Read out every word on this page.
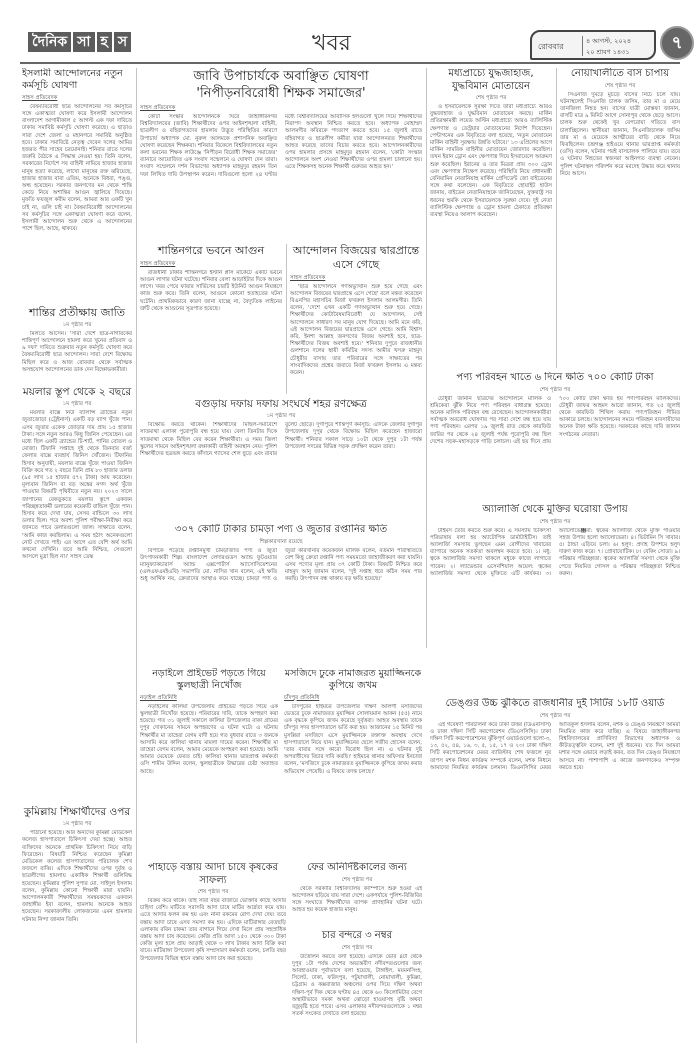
দৈনিক সা হ স	খবর	রোববার
৪ আগস্ট, ২০২৪
২০ শ্রাবণ ১৪৩১	৭
ইসলামী আন্দোলনের নতুন কর্মসূচি ঘোষণা
সাহস প্রতিবেদক

বৈষম্যবিরোধী ছাত্র আন্দোলনের সব কর্মসূচির সঙ্গে একাত্মতা ঘোষণা করে ইসলামী আন্দোলন বাংলাদেশ আগামীকাল ৫ আগস্ট এক দফা দাবিতে ঢাকায় সমাবিষ্ট কর্মসূচি ঘোষণা করেছে। এ ছাড়াও সারা দেশে জেলা ও মহানগরে সমাবিষ্ট অনুষ্ঠিত হবে। ঢাকার সমাবিষ্টে নেতৃত্ব দেবেন দলের আমির হজরত পীর সাহেব চরমোনাই। শনিবার রাতে দলের জরুরি বৈঠকে এ সিদ্ধান্ত নেওয়া হয়। তিনি বলেন, সরকারের নির্দেশে সব বাহিনী নামিয়ে হাজার হাজার মানুষ হত্যা করেছে, লাখো মানুষের রক্ত ঝরিয়েছে, হাজার হাজার বাবা এতিম, অনেকে বিধবা, পঙ্গু, অন্ধ হয়েছেন। সরকার জনগণের মন থেকে শান্তি কেড়ে নিয়ে অশান্তির আগুন জ্বালিয়ে দিয়েছে। মুফতি ফয়জুল করীম বলেন, আমরা আর একটি খুন চাই না, গুলি চাই না। বৈষম্যবিরোধী আন্দোলনের সব কর্মসূচির সঙ্গে একাত্মতা ঘোষণা করে বলেন, ইসলামী আন্দোলন শুরু থেকে এ আন্দোলনের পাশে ছিল, আছে, থাকবে।

শান্তির প্রতীক্ষায় জাতি
১ম পৃষ্ঠার পর

মিলতে আসেন। 'সারা দেশে ছাত্র-নাগরিকের শান্তিপূর্ণ আন্দোলনে হামলা করে খুনের প্রতিবাদ ও ৯ দফা' দাবিতে শুক্রবার নতুন কর্মসূচি ঘোষণা করে বৈষম্যবিরোধী ছাত্র আন্দোলন। সারা দেশে বিক্ষোভ মিছিল করে ও আজ রোববার থেকে সর্বাত্মক অসহযোগ আন্দোলনের ডাক দেন বিক্ষোভকারীরা।

ময়লার স্তূপ থেকে ২ বছরে
১ম পৃষ্ঠার পর

ময়লার বাক্সে নিউ ব্যালান্স ব্র্যান্ডের নতুন জুতাজোড়া (ট্রেইনার্স) একটি বড় ব্যাগ খুঁজে পান। এসব জুতার একেক জোড়ার দাম প্রায় ১৫ হাজার টাকা। সঙ্গে নতুন আরও কিছু জিনিস পেয়েছেন। এর মধ্যে ছিল একটি ব্র্যান্ডের টি-শার্ট, পানির বোতল ও মোজা। টিফানি সপ্তাহে দুই থেকে তিনবার বর্জ্য ফেলার বাক্সে ব্যবহার্য জিনিস খোঁজেন। টিফানির হিসাব অনুযায়ী, ময়লার বাক্সে খুঁজে পাওয়া জিনিস বিক্রি করে গত ২ বছরে তিনি প্রায় ৮০ হাজার ডলার (৯৫ লাখ ১৫ হাজার ৫৭২ টাকা) আয় করেছেন। মূল্যবান জিনিস বা বড় অঙ্কের নগদ অর্থ খুঁজে পাওয়ার বিষয়টি পৃথিবীতে নতুন নয়। ২০২৩ সালে জাপানের বেকড়ুকতে ময়লার স্তূপে একজন পরিচ্ছন্নতাকর্মী ডলারের কয়েকটি বান্ডিল খুঁজে পান। হিসাব করে দেখা যায়, সেসব বান্ডিলে ৩০ লাখ ডলার ছিল। পরে অবশ্য পুলিশ পরীক্ষা-নিরীক্ষা করে জানতে পারে ডলারগুলো জাল। সাক্ষাতে বলেন, 'আমি কাজ করছিলাম। এ সময় হঠাৎ অনেকগুলো নোট দেখতে পাই। এর আগে এত বেশি অর্থ আমি কখনো দেখিনি। তবে আমি নিশ্চিত, সেগুলো আসলে মুদ্রা ছিল না।' সাহস ডেস্ক

কুমিল্লায় শিক্ষার্থীদের ওপর
১ম পৃষ্ঠার পর

পাঠানো হয়েছে। আর অন্যদের কুমিল্লা মেডিকেল কলেজ হাসপাতালে চিকিৎসা দেয়া হচ্ছে। আহত ব্যক্তিদের অনেকে প্রাথমিক চিকিৎসা নিয়ে বাড়ি ফিরেছেন। বিষয়টি নিশ্চিত করেছেন কুমিল্লা মেডিকেল কলেজ হাসপাতালের পরিচালক শেখ ফজলে রাব্বি। এদিকে শিক্ষার্থীদের ওপর দুর্বৃত্ত ও ছাত্রলীগের হামলায় একাধিক শিক্ষার্থী গুলিবিদ্ধ হয়েছেন। কুমিল্লার পুলিশ সুপার মো. সাইদুল ইসলাম বলেন, কুমিল্লায় কোনো শিক্ষার্থী মারা যায়নি। আন্দোলনকারী শিক্ষার্থীদের সমন্বয়কদের একজন জাহাঙ্গীর ইবা বলেন, হামলায় অনেকে আহত হয়েছেন। সরকারদলীয় লোকজনের এমন হামলার ঘটনার নিন্দা জানান তিনি।

জাবি উপাচার্যকে অবাঞ্ছিত ঘোষণা
'নিপীড়নবিরোধী শিক্ষক সমাজের'
সাহস প্রতিবেদক

কোটা সংস্কার আন্দোলনকে ঘিরে জাহাঙ্গীরনগর বিশ্ববিদ্যালয়ের (জাবি) শিক্ষার্থীদের ওপর আইনশৃঙ্খলা বাহিনী, ছাত্রলীগ ও বহিরাগতদের হামলায় উদ্ভূত পরিস্থিতির কারণে উপাচার্য অধ্যাপক মো. নুরুল আলমকে প্রশাসনিক অবাঞ্ছিত ঘোষণা করেছেন শিক্ষকরা। শনিবার বিকেলে বিশ্ববিদ্যালয়ের নতুন কলা ভবনের শিক্ষক লাউঞ্জে 'নিপীড়ন বিরোধী শিক্ষক সমাজের' ব্যানারে আয়োজিত এক সংবাদ সম্মেলনে এ ঘোষণা দেন তারা। সংবাদ সম্মেলনে দর্শন বিভাগের অধ্যাপক মাহমুদুর রহমান তিন দফা লিখিত দাবি উপস্থাপন করেন। দাবিগুলো হলো ২৪ ঘণ্টার মধ্যে বিশ্ববিদ্যালয়ের আবাসিক হলগুলো খুলে দিয়ে শিক্ষার্থীদের নিরাপদ অবস্থান নিশ্চিত করতে হবে। অধ্যাপক মোহাম্মদ আলমগীর কবিরকে পদত্যাগ করতে হবে। ১৫ জুলাই রাতে বহিরাগত ও ছাত্রলীগ কর্মীরা যারা আন্দোলনরত শিক্ষার্থীদের আহত করেছে তাদের বিচার করতে হবে। আন্দোলনকারীদের ওপর হামলার প্রসঙ্গে মাহমুদুর রহমান বলেন, 'কোটা সংস্কার আন্দোলনে অংশ নেওয়া শিক্ষার্থীদের ওপর হামলা চালানো হয়। এতে শিক্ষকসহ অনেক শিক্ষার্থী গুরুতর আহত হন।'

শান্তিনগরে ভবনে আগুন
সাহস প্রতিবেদক

রাজধানী ঢাকার শান্তিনগরে ইস্টার্ন প্লাস মার্কেটে একটি ভবনে আগুন লাগার ঘটনা ঘটেছে। শনিবার বেলা আড়াইটার দিকে আগুন লাগে। খবর পেয়ে ফায়ার সার্ভিসের চারটি ইউনিট আগুন নিয়ন্ত্রণে কাজ শুরু করে। তিনি বলেন, আগুনে কোনো হতাহতের ঘটনা ঘটেনি। প্রাথমিকভাবে কারণ জানা যাচ্ছে না, বৈদ্যুতিক লাইনের ত্রুটি থেকে আগুনের সূত্রপাত হয়েছে।

আন্দোলন বিজয়ের দ্বারপ্রান্তে এসে গেছে
সাহস প্রতিবেদক

'ছাত্র আন্দোলনে গণঅভ্যুত্থান শুরু হয়ে গেছে এবং আন্দোলন বিজয়ের দ্বারপ্রান্তে এসে গেছে' বলে মন্তব্য করেছেন বিএনপির মহাসচিব মির্জা ফখরুল ইসলাম আলমগীর। তিনি বলেন, 'দেশে এখন একটি গণঅভ্যুত্থান শুরু হয়ে গেছে। শিক্ষার্থীদের কোটাবৈষম্যবিরোধী যে আন্দোলন, সেই আন্দোলনে সাধারণ সব মানুষ যোগ দিয়েছে। আমি মনে করি, এই আন্দোলন বিজয়ের দ্বারপ্রান্তে এসে গেছে। আমি বিশ্বাস করি, ইনশা আল্লাহ জনগণের বিজয় অবশ্যই হবে, ছাত্র-শিক্ষার্থীদের বিজয় অবশ্যই হবে।' শনিবার দুপুরে রাজধানীর গুলশানে দলের স্থায়ী কমিটির সদস্য আমীর খসরু মাহমুদ চৌধুরীর বাসায় তার পরিবারের সঙ্গে সাক্ষাতের পর সাংবাদিকদের প্রশ্নের জবাবে মির্জা ফখরুল ইসলাম এ মন্তব্য করেন।

বগুড়ায় দফায় দফায় সংঘর্ষে শহর রণক্ষেত্র
১ম পৃষ্ঠার পর

বিক্ষোভ করতে থাকেন। শিক্ষার্থীদের মিছিল-সমাবেশে সাতমাথা এলাকা পুরোপুরি বন্ধ হয়ে যায়। বেলা তিনটার দিকে সাতমাথা থেকে মিছিল বের করেন শিক্ষার্থীরা। এ সময় জিলা স্কুলের সামনে আইনশৃঙ্খলা রক্ষাকারী বাহিনী অবস্থান নেয়। পুলিশ শিক্ষার্থীদের ছত্রভঙ্গ করতে কাঁদানে গ্যাসের শেল ছুড়ে এবং রাবার বুলেট ছোড়ে। দুর্গাপুরে শান্তিপূর্ণ কর্মসূচি: এদিকে জেলার দুর্গাপুর উপজেলায় দুপুর থেকে বিক্ষোভ মিছিল করেছেন হাজারো শিক্ষার্থী। শনিবার সকাল সাড়ে ১০টা থেকে দুপুর ১টা পর্যন্ত উপজেলা সদরের বিভিন্ন সড়ক প্রদক্ষিণ করেন তারা।

৩০৭ কোটি টাকার চামড়া পণ্য ও জুতার রপ্তানির ক্ষতি
শিল্পকারখানা রয়েছে

বিপাকে পড়েছে রপ্তানিমুখী চামড়াজাত পণ্য ও জুতা উৎপাদনকারী শিল্প। বাংলাদেশ লেদারগুডস অ্যান্ড ফুটওয়্যার ম্যানুফ্যাকচারার্স অ্যান্ড এক্সপোর্টার্স অ্যাসোসিয়েশনের (এলএফএমইএবি) সভাপতি মো. নাসির খান বলেন, এই ক্ষতি শুধু আর্থিক নয়, ক্রেতাদের আস্থাও কমে যাচ্ছে। চামড়া পণ্য ও জুতা কারখানার কয়েকজন মালিক বলেন, বর্তমান পরিস্থিতিতে বেশ কিছু ক্রেতা রপ্তানি পণ্য সময়মতো জাহাজীকরণ করা যায়নি। এসব পণ্যের মূল্য প্রায় ৩৭ কোটি টাকা। বিষয়টি নিশ্চিত করে মাহমুদ আনু জামান বলেন, 'দুই সপ্তাহ ধরে কঠিন সময় পার করছি। উৎপাদন বন্ধ থাকায় বড় ক্ষতি হয়েছে।'

নড়াইলে প্রাইভেট পড়তে গিয়ে স্কুলছাত্রী নিখোঁজ
নড়াইল প্রতিনিধি

নড়াইলের কালিয়া উপজেলায় প্রাইভেট পড়তে গিয়ে এক স্কুলছাত্রী নিখোঁজ হয়েছে। পরিবারের দাবি, তাকে অপহরণ করা হয়েছে। গত ৩১ জুলাই সকালে কালিয়া উপজেলার বাকা গ্রামের দুপুর দোকানের সামনে অপহরণের এ ঘটনা ঘটে। এ ঘটনায় শিক্ষার্থীর মা তাহেরা বেগম বাদী হয়ে গত বুধবার রাতে ৩ জনকে আসামি করে কালিয়া থানায় মামলা দায়ের করেন। শিক্ষার্থীর মা তাহেরা বেগম বলেন, আমার মেয়েকে অপহরণ করা হয়েছে। আমি আমার মেয়েকে ফেরত চাই। কালিয়া থানার ভারপ্রাপ্ত কর্মকর্তা ওসি শামীম উদ্দিন বলেন, স্কুলছাত্রীকে উদ্ধারের চেষ্টা অব্যাহত আছে।

মসজিদে ঢুকে নামাজরত মুয়াজ্জিনকে কুপিয়ে জখম
চাঁদপুর প্রতিনিধি

চাঁদপুরের হাইমচর উপজেলার দক্ষিণ আলগী মসজিদের ভেতরে ঢুকে নামাজরত মুয়াজ্জিন সোলায়মান আকন (৫৫) নামে এক বৃদ্ধকে কুপিয়ে জখম করেছে দুর্বৃত্তরা। আহত অবস্থায় তাকে চাঁদপুর সদর হাসপাতালে ভর্তি করা হয়। আজানের ১৫ মিনিট পর মুসল্লিরা মসজিদে এসে মুয়াজ্জিনকে রক্তাক্ত অবস্থায় দেখে হাসপাতালে নিয়ে যান। মুয়াজ্জিনের ছেলে সজীব হোসেন বলেন, 'তার বাবার সঙ্গে কারো বিরোধ ছিল না। এ ঘটনার দুষ্ট অপরাধীদের বিচার দাবি করছি।' হাইমচর থানার অফিসার ইনচার্জ বলেন, 'মসজিদে ঢুকে নামাজরত মুয়াজ্জিনকে কুপিয়ে জখম করার অভিযোগ পেয়েছি। এ বিষয়ে তদন্ত চলছে।'

পাহাড়ে বস্তায় আদা চাষে কৃষকের সাফল্য
শেষ পৃষ্ঠার পর

বিক্রয় করে থাকে। তাই সারা বছর বাজারে ভোক্তার কাছে আদার চাহিদা বেশি। মাটিতে সরাসরি আদা চাষে মাটির আর্দ্রতা কমে যায়। এতে আদার ফলন কম হয় এবং নানা রকমের রোগ দেখা দেয়। তবে বস্তায় আদা চাষে এসব সমস্যা কম হয়। এদিকে মাটিরাঙ্গার বেতছড়ি এলাকায় রবিন চাকমা তার বাগানে গিয়ে দেখা মিলে প্রায় সহস্রাধিক বস্তায় আদা চাষ করেছেন। কেজি প্রতি আদা ১৫০ থেকে ৩০০ টাকা কেজি মূল্য হলে প্রায় আড়াই থেকে ৩ লাখ টাকার আদা বিক্রি করা যাবে। মাটিরাঙ্গা উপজেলা কৃষি সম্প্রসারণ কর্মকর্তা বলেন, চলতি বছর উপজেলার বিভিন্ন স্থানে বস্তায় আদা চাষ করা হয়েছে।

ফের অনির্দিষ্টকালের জন্য
শেষ পৃষ্ঠার পর

থেকে সরকারি বিশ্ববিদ্যালয় ক্যাম্পাসে শুরু হওয়া এই আন্দোলন ছড়িয়ে যায় সারা দেশে। একপর্যায়ে পুলিশ-বিজিবির সঙ্গে সংঘাতে শিক্ষার্থীদের ব্যাপক প্রাণহানির ঘটনা ঘটে। আহত হয় কয়েক হাজার মানুষ।

চার বন্দরে ৩ নম্বর
শেষ পৃষ্ঠার পর

উত্তোলন করতে বলা হয়েছে। এদিকে ভোর ৪টা থেকে দুপুর ১টা পর্যন্ত দেশের অভ্যন্তরীণ নদীবন্দরগুলোর জন্য আবহাওয়ার পূর্বাভাসে বলা হয়েছে, টাঙ্গাইল, ময়মনসিংহ, সিলেট, ঢাকা, ফরিদপুর, পটুয়াখালী, নোয়াখালী, কুমিল্লা, চট্টগ্রাম ও কক্সবাজার অঞ্চলের ওপর দিয়ে দক্ষিণ অথবা দক্ষিণ-পূর্ব দিক থেকে ঘণ্টায় ৪৫ থেকে ৬০ কিলোমিটার বেগে অস্থায়ীভাবে দমকা অথবা ঝোড়ো হাওয়াসহ বৃষ্টি অথবা বজ্রবৃষ্টি হতে পারে। এসব এলাকার নদীবন্দরগুলোকে ১ নম্বর সতর্ক সংকেত দেখাতে বলা হয়েছে।

মধ্যপ্রাচ্যে যুদ্ধজাহাজ, যুদ্ধবিমান মোতায়েন
শেষ পৃষ্ঠার পর

ও ইসরায়েলকে সুরক্ষা দিতে তারা মধ্যপ্রাচ্যে আরও যুদ্ধজাহাজ ও যুদ্ধবিমান মোতায়েন করছে। মার্কিন প্রতিরক্ষামন্ত্রী লয়েড অস্টিন মধ্যপ্রাচ্যে আরও ব্যালিস্টিক ক্ষেপণাস্ত্র ও ডেস্ট্রয়ার মোতায়েনের নির্দেশ দিয়েছেন। পেন্টাগনের এক বিবৃতিতে বলা হয়েছে, 'নতুন মোতায়েন মার্কিন বাহিনী সুরক্ষায় উন্নতি ঘটাবে।' ১৩ এপ্রিলের আগে মার্কিন সামরিক বাহিনীর মোতায়েন জোরদার করেছিল। তখন ইরান ড্রোন এবং ক্ষেপণাস্ত্র দিয়ে ইসরায়েলে আক্রমণ শুরু করেছিল। ইরানের ও তার মিত্ররা প্রায় ৩০০ ড্রোন এবং ক্ষেপণাস্ত্র নিক্ষেপ করেছে। পরিস্থিতি নিয়ে প্রধানমন্ত্রী বেনিয়ামিন নেতানিয়াহু মার্কিন প্রেসিডেন্ট জো বাইডেনের সঙ্গে কথা বলেছেন। এক বিবৃতিতে হোয়াইট হাউস জানায়, বাইডেন নেতানিয়াহুকে জানিয়েছেন, যুক্তরাষ্ট্র সব ধরনের হুমকি থেকে ইসরায়েলকে সুরক্ষা দেবে। দুই নেতা ব্যালিস্টিক ক্ষেপণাস্ত্র ও ড্রোন হামলা ঠেকাতে প্রতিরক্ষা ব্যবস্থা নিয়েও আলাপ করেছেন।

নোয়াখালীতে বাস চাপায়
শেষ পৃষ্ঠার পর

সিএনজি দুমড়ে মুচড়ে বাসের নিচে চলে যায়। ঘটনাস্থলেই সিএনজি চালক জসিম, তার মা ও মেয়ে তানজিলা নিহত হন। বাসের যাত্রী মোস্তফা জানান, বাসটি মাত্র ৯ মিনিট আগে সোনাপুর থেকে ছেড়ে আসে। চালক শুরু থেকেই খুব বেপরোয়া গতিতে বাস চালাচ্ছিলেন। স্থানীয়রা জানান, সিএনজিচালক জসিম তার মা ও মেয়েকে আত্মীয়ের বাড়ি থেকে নিয়ে ফিরছিলেন। চন্দ্রগঞ্জ হাইওয়ে থানার ভারপ্রাপ্ত কর্মকর্তা (ওসি) বলেন, ঘটনার পরই বাসচালক পালিয়ে যায়। তবে এ ঘটনায় নিহতের স্বজনরা আইনগত ব্যবস্থা নেবেন। পুলিশ ঘটনাস্থল পরিদর্শন করে মরদেহ উদ্ধার করে থানায় নিয়ে আসে।

পণ্য পরিবহন খাতে ৬ দিনে ক্ষতি ৭০০ কোটি টাকা
শেষ পৃষ্ঠার পর

চৌধুরী জানান ছাত্রদের আন্দোলনে মালিক ও শ্রমিকেরা ঝুঁকি নিয়ে পণ্য পরিবহন বাধাগ্রস্ত হয়েছে। অনেক মালিক পরিবহন বন্ধ রেখেছেন। আন্দোলনকারীরা সর্বাত্মক অবরোধ ঘোষণার পর সারা দেশে বন্ধ হয়ে যায় পণ্য পরিবহন। এরপর ১৯ জুলাই রাত থেকে কারফিউ জারির পর থেকে ২৪ জুলাই পর্যন্ত পুরোপুরি বন্ধ ছিল দেশের সড়ক-মহাসড়কে গাড়ি চলাচল। এই ছয় দিনে প্রায় ৭০০ কোটি টাকা ক্ষতি হয় পণ্যপরিবহন মালিকদের। চৌধুরী জাফর আহমদ আরো জানান, গত ২৫ জুলাই থেকে কারফিউ শিথিল করায় পণ্যপরিবহন সীমিত আকারে চলছে। আন্দোলনের সময়ে পরিবহন ব্যবসায়ীদের অনেক টাকা ক্ষতি হয়েছে। সরকারের কাছে দাবি জানান সংগঠনের নেতারা।

অ্যালার্জি থেকে মুক্তির ঘরোয়া উপায়
শেষ পৃষ্ঠার পর

টাইমস তৈরি করতে শুরু করে। এ সমস্যায় চিকিৎসা পরিভাষায় বলা হয় অ্যাটোপিক ডার্মাটাইটিস। তাই অ্যালার্জি সমস্যায় ভুগছেন এমন রোগীদের খাবারের ব্যাপারে অনেক সতর্কতা অবলম্বন করতে হবে। ১। মধু: ত্বকে অ্যালার্জির সমস্যা থাকলে মধুকে কাজে লাগাতে পারেন। ২। ল্যাভেন্ডার এসেনশিয়াল অয়েল: ত্বকের অ্যালার্জির সমস্যা থেকে মুক্তিতে এটি কার্যকর। ৩। অ্যালোভে঺রা: ত্বকের অ্যালার্জি থেকে মুক্তি পাওয়ার সহজ উপায় হলো অ্যালোভেরা। ৪। ভিটামিন সি খাবার। ৫। ঠান্ডা এড়িয়ে চলা। ৬। হলুদ: প্রদাহ উপশমে হলুদ দারুণ কাজ করে। ৭। প্রোবায়োটিক। ৮। বেকিং সোডা। ৯। পরিষ্কার পরিচ্ছন্নতা: ত্বকের অ্যালার্জি সমস্যা থেকে মুক্তি পেতে নিয়মিত গোসল ও পরিষ্কার পরিচ্ছন্নতা নিশ্চিত করুন।

ডেঙ্গুর উচ্চ ঝুঁকিতে রাজধানীর দুই সিটির ১৮টি ওয়ার্ড
শেষ পৃষ্ঠার পর

এই গবেষণা পরিচালনা করে ঢাকা উত্তর (ডিএনসিসি) ও ঢাকা দক্ষিণ সিটি করপোরেশন (ডিএসসিসি)। ঢাকা দক্ষিণ সিটি করপোরেশনের ঝুঁকিপূর্ণ ওয়ার্ডগুলো হলো-৩, ১৩, ৫২, ৫৪, ১৬, ৩, ৫, ১৫, ১৭ ও ২৩। ঢাকা দক্ষিণ সিটি করপোরেশনের মেয়র ব্যারিস্টার শেখ ফজলে নূর তাপস মশক নিধন কার্যক্রম সম্পর্কে বলেন, মশক নিধনে আমাদের নিয়মিত কার্যক্রম চলমান। ডিএনসিসির মেয়র আতিকুল ইসলাম বলেন, মশক ও ডেঙ্গু নিয়ন্ত্রণে আমরা নিয়মিত কাজ করে যাচ্ছি। এ বিষয়ে জাহাঙ্গীরনগর বিশ্ববিদ্যালয়ের প্রাণিবিদ্যা বিভাগের অধ্যাপক ও কীটতত্ত্ববিদ বলেন, মশা দুই ধরনের। যত দিন আমরা মশার সঙ্গে এভাবে লড়াই করব, তত দিন ডেঙ্গু নিয়ন্ত্রণে আসবে না। পাশাপাশি এ কাজে জনগণকেও সম্পৃক্ত করতে হবে।
